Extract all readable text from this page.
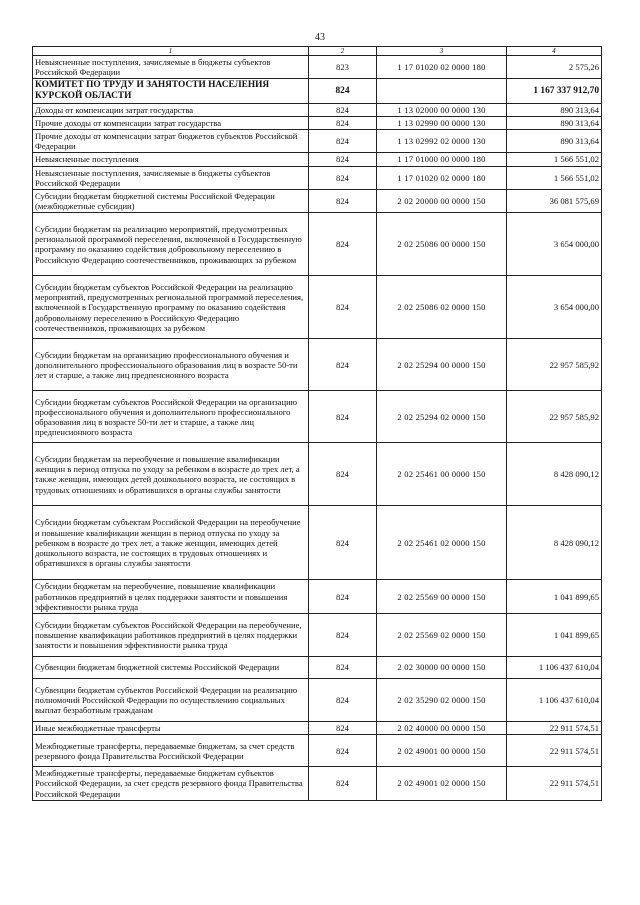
43
1	2	3	4
Невыясненные поступления, зачисляемые в бюджеты субъектов Российской Федерации	823	1 17 01020 02 0000 180	2 575,26
КОМИТЕТ ПО ТРУДУ И ЗАНЯТОСТИ НАСЕЛЕНИЯ КУРСКОЙ ОБЛАСТИ	824		1 167 337 912,70
Доходы от компенсации затрат государства	824	1 13 02000 00 0000 130	890 313,64
Прочие доходы от компенсации затрат государства	824	1 13 02990 00 0000 130	890 313,64
Прочие доходы от компенсации затрат бюджетов субъектов Российской Федерации	824	1 13 02992 02 0000 130	890 313,64
Невыясненные поступления	824	1 17 01000 00 0000 180	1 566 551,02
Невыясненные поступления, зачисляемые в бюджеты субъектов Российской Федерации	824	1 17 01020 02 0000 180	1 566 551,02
Субсидии бюджетам бюджетной системы Российской Федерации (межбюджетные субсидии)	824	2 02 20000 00 0000 150	36 081 575,69
Субсидии бюджетам на реализацию мероприятий, предусмотренных региональной программой переселения, включенной в Государственную программу по оказанию содействия добровольному переселению в Российскую Федерацию соотечественников, проживающих за рубежом	824	2 02 25086 00 0000 150	3 654 000,00
Субсидии бюджетам субъектов Российской Федерации на реализацию мероприятий, предусмотренных региональной программой переселения, включенной в Государственную программу по оказанию содействия добровольному переселению в Российскую Федерацию соотечественников, проживающих за рубежом	824	2 02 25086 02 0000 150	3 654 000,00
Субсидии бюджетам на организацию профессионального обучения и дополнительного профессионального образования лиц в возрасте 50-ти лет и старше, а также лиц предпенсионного возраста	824	2 02 25294 00 0000 150	22 957 585,92
Субсидии бюджетам субъектов Российской Федерации на организацию профессионального обучения и дополнительного профессионального образования лиц в возрасте 50-ти лет и старше, а также лиц предпенсионного возраста	824	2 02 25294 02 0000 150	22 957 585,92
Субсидии бюджетам на переобучение и повышение квалификации женщин в период отпуска по уходу за ребенком в возрасте до трех лет, а также женщин, имеющих детей дошкольного возраста, не состоящих в трудовых отношениях и обратившихся в органы службы занятости	824	2 02 25461 00 0000 150	8 428 090,12
Субсидии бюджетам субъектам Российской Федерации на переобучение и повышение квалификации женщин в период отпуска по уходу за ребенком в возрасте до трех лет, а также женщин, имеющих детей дошкольного возраста, не состоящих в трудовых отношениях и обратившихся в органы службы занятости	824	2 02 25461 02 0000 150	8 428 090,12
Субсидии бюджетам на переобучение, повышение квалификации работников предприятий в целях поддержки занятости и повышения эффективности рынка труда	824	2 02 25569 00 0000 150	1 041 899,65
Субсидии бюджетам субъектов Российской Федерации на переобучение, повышение квалификации работников предприятий в целях поддержки занятости и повышения эффективности рынка труда	824	2 02 25569 02 0000 150	1 041 899,65
Субвенции бюджетам бюджетной системы Российской Федерации	824	2 02 30000 00 0000 150	1 106 437 610,04
Субвенции бюджетам субъектов Российской Федерации на реализацию полномочий Российской Федерации по осуществлению социальных выплат безработным гражданам	824	2 02 35290 02 0000 150	1 106 437 610,04
Иные межбюджетные трансферты	824	2 02 40000 00 0000 150	22 911 574,51
Межбюджетные трансферты, передаваемые бюджетам, за счет средств резервного фонда Правительства Российской Федерации	824	2 02 49001 00 0000 150	22 911 574,51
Межбюджетные трансферты, передаваемые бюджетам субъектов Российской Федерации, за счет средств резервного фонда Правительства Российской Федерации	824	2 02 49001 02 0000 150	22 911 574,51
